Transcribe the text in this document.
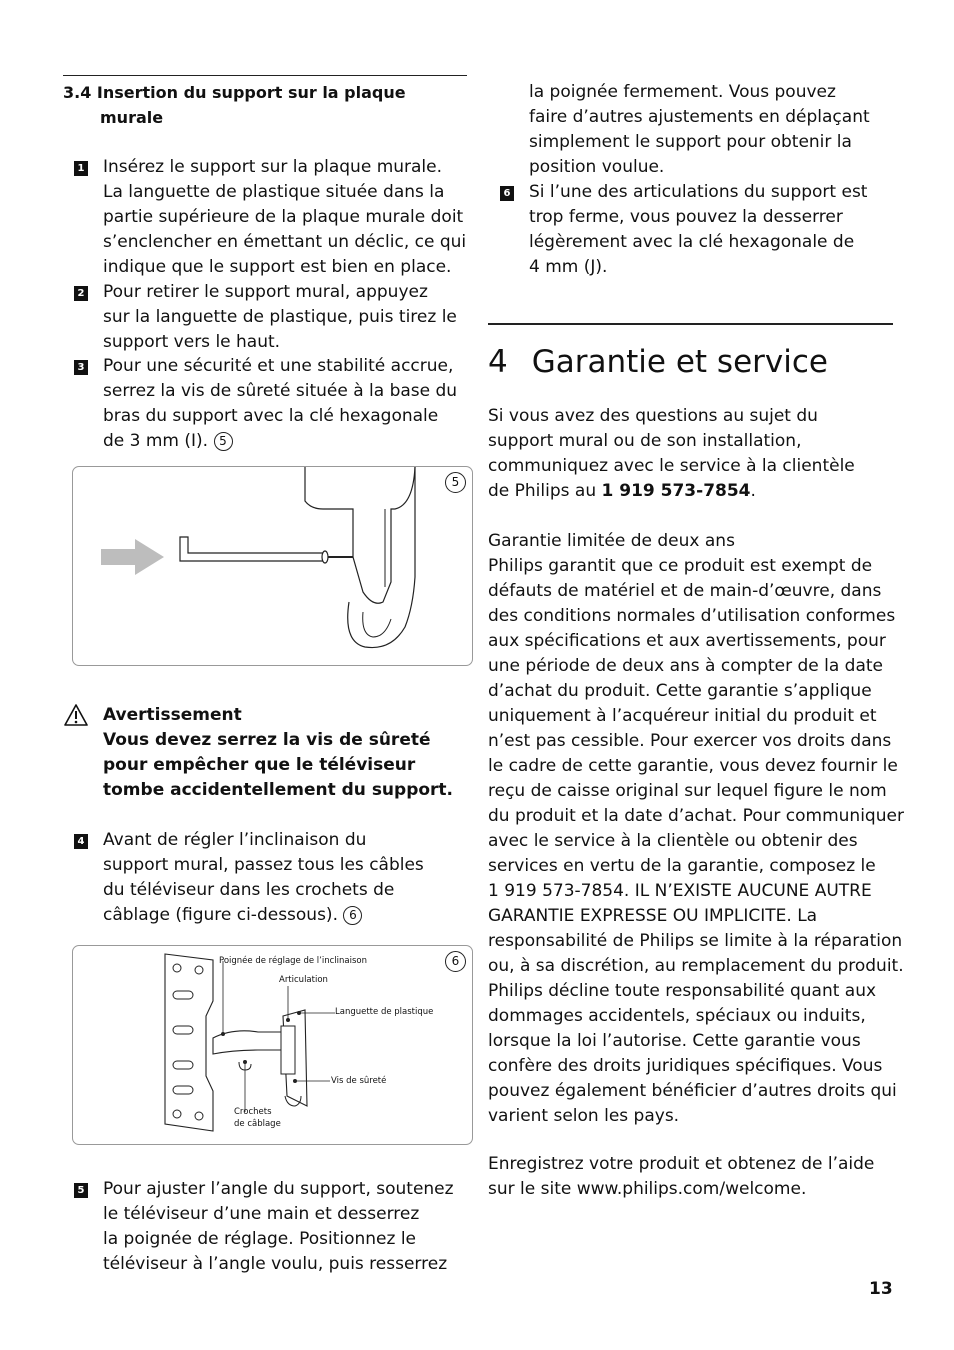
3.4 Insertion du support sur la plaque
murale
1 Insérez le support sur la plaque murale.
La languette de plastique située dans la
partie supérieure de la plaque murale doit
s’enclencher en émettant un déclic, ce qui
indique que le support est bien en place.
2 Pour retirer le support mural, appuyez
sur la languette de plastique, puis tirez le
support vers le haut.
3 Pour une sécurité et une stabilité accrue,
serrez la vis de sûreté située à la base du
bras du support avec la clé hexagonale
de 3 mm (I). 5
5
Avertissement
Vous devez serrez la vis de sûreté
pour empêcher que le téléviseur
tombe accidentellement du support.
4 Avant de régler l’inclinaison du
support mural, passez tous les câbles
du téléviseur dans les crochets de
câblage (figure ci-dessous). 6
6
Poignée de réglage de l’inclinaison
Articulation
Languette de plastique
Vis de sûreté
Crochets
de câblage
5 Pour ajuster l’angle du support, soutenez
le téléviseur d’une main et desserrez
la poignée de réglage. Positionnez le
téléviseur à l’angle voulu, puis resserrez
la poignée fermement. Vous pouvez
faire d’autres ajustements en déplaçant
simplement le support pour obtenir la
position voulue.
6 Si l’une des articulations du support est
trop ferme, vous pouvez la desserrer
légèrement avec la clé hexagonale de
4 mm (J).
4 Garantie et service
Si vous avez des questions au sujet du
support mural ou de son installation,
communiquez avec le service à la clientèle
de Philips au 1 919 573-7854.
Garantie limitée de deux ans
Philips garantit que ce produit est exempt de
défauts de matériel et de main-d’œuvre, dans
des conditions normales d’utilisation conformes
aux spécifications et aux avertissements, pour
une période de deux ans à compter de la date
d’achat du produit. Cette garantie s’applique
uniquement à l’acquéreur initial du produit et
n’est pas cessible. Pour exercer vos droits dans
le cadre de cette garantie, vous devez fournir le
reçu de caisse original sur lequel figure le nom
du produit et la date d’achat. Pour communiquer
avec le service à la clientèle ou obtenir des
services en vertu de la garantie, composez le
1 919 573-7854. IL N’EXISTE AUCUNE AUTRE
GARANTIE EXPRESSE OU IMPLICITE. La
responsabilité de Philips se limite à la réparation
ou, à sa discrétion, au remplacement du produit.
Philips décline toute responsabilité quant aux
dommages accidentels, spéciaux ou induits,
lorsque la loi l’autorise. Cette garantie vous
confère des droits juridiques spécifiques. Vous
pouvez également bénéficier d’autres droits qui
varient selon les pays.
Enregistrez votre produit et obtenez de l’aide
sur le site www.philips.com/welcome.
13
